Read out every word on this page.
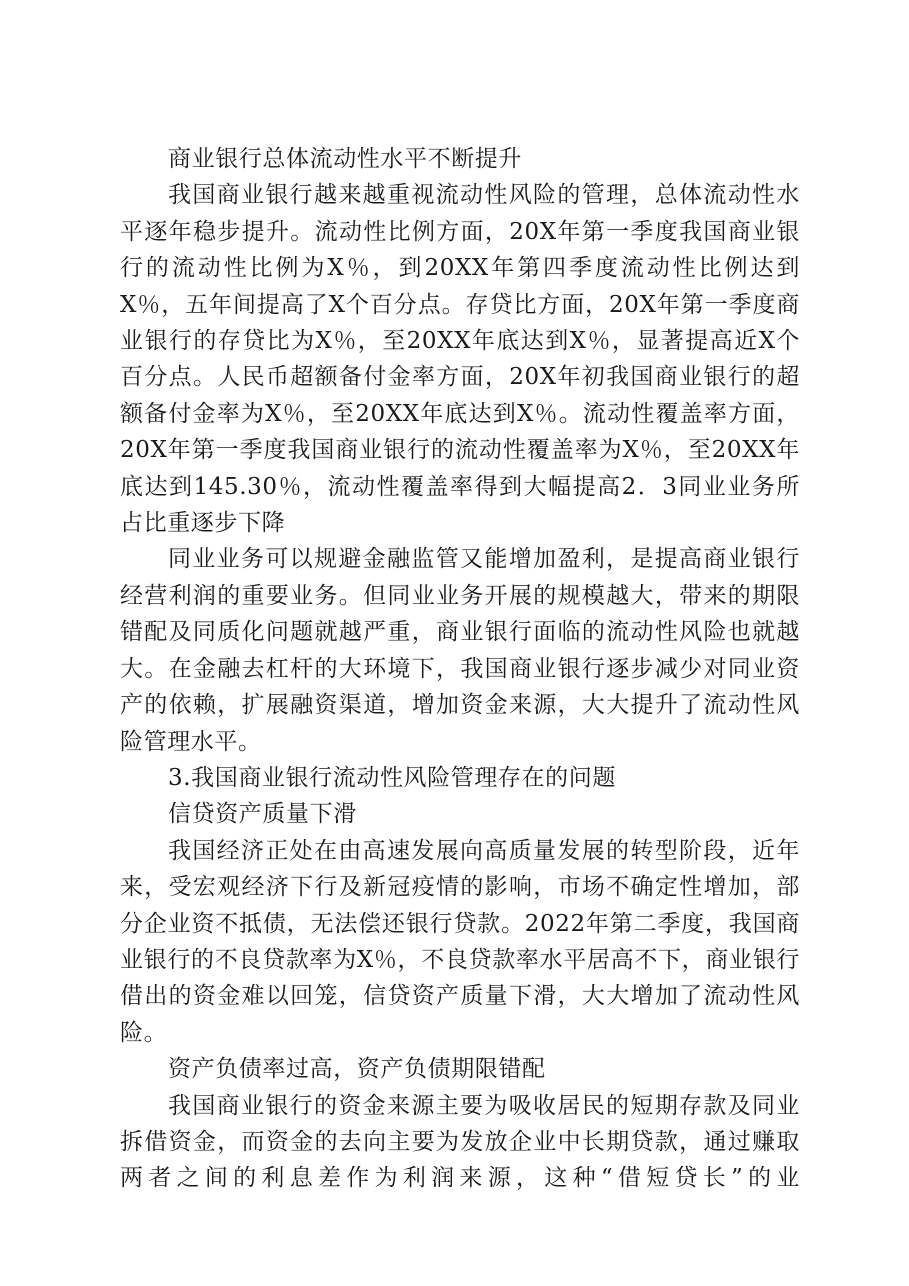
商业银行总体流动性水平不断提升

我国商业银行越来越重视流动性风险的管理，总体流动性水平逐年稳步提升。流动性比例方面，20X年第一季度我国商业银行的流动性比例为X％，到20XX年第四季度流动性比例达到X％，五年间提高了X个百分点。存贷比方面，20X年第一季度商业银行的存贷比为X％，至20XX年底达到X％，显著提高近X个百分点。人民币超额备付金率方面，20X年初我国商业银行的超额备付金率为X％，至20XX年底达到X％。流动性覆盖率方面，20X年第一季度我国商业银行的流动性覆盖率为X％，至20XX年底达到145.30％，流动性覆盖率得到大幅提高2．3同业业务所占比重逐步下降

同业业务可以规避金融监管又能增加盈利，是提高商业银行经营利润的重要业务。但同业业务开展的规模越大，带来的期限错配及同质化问题就越严重，商业银行面临的流动性风险也就越大。在金融去杠杆的大环境下，我国商业银行逐步减少对同业资产的依赖，扩展融资渠道，增加资金来源，大大提升了流动性风险管理水平。

3.我国商业银行流动性风险管理存在的问题

信贷资产质量下滑

我国经济正处在由高速发展向高质量发展的转型阶段，近年来，受宏观经济下行及新冠疫情的影响，市场不确定性增加，部分企业资不抵债，无法偿还银行贷款。2022年第二季度，我国商业银行的不良贷款率为X％，不良贷款率水平居高不下，商业银行借出的资金难以回笼，信贷资产质量下滑，大大增加了流动性风险。

资产负债率过高，资产负债期限错配

我国商业银行的资金来源主要为吸收居民的短期存款及同业拆借资金，而资金的去向主要为发放企业中长期贷款，通过赚取两者之间的利息差作为利润来源，这种“借短贷长”的业
